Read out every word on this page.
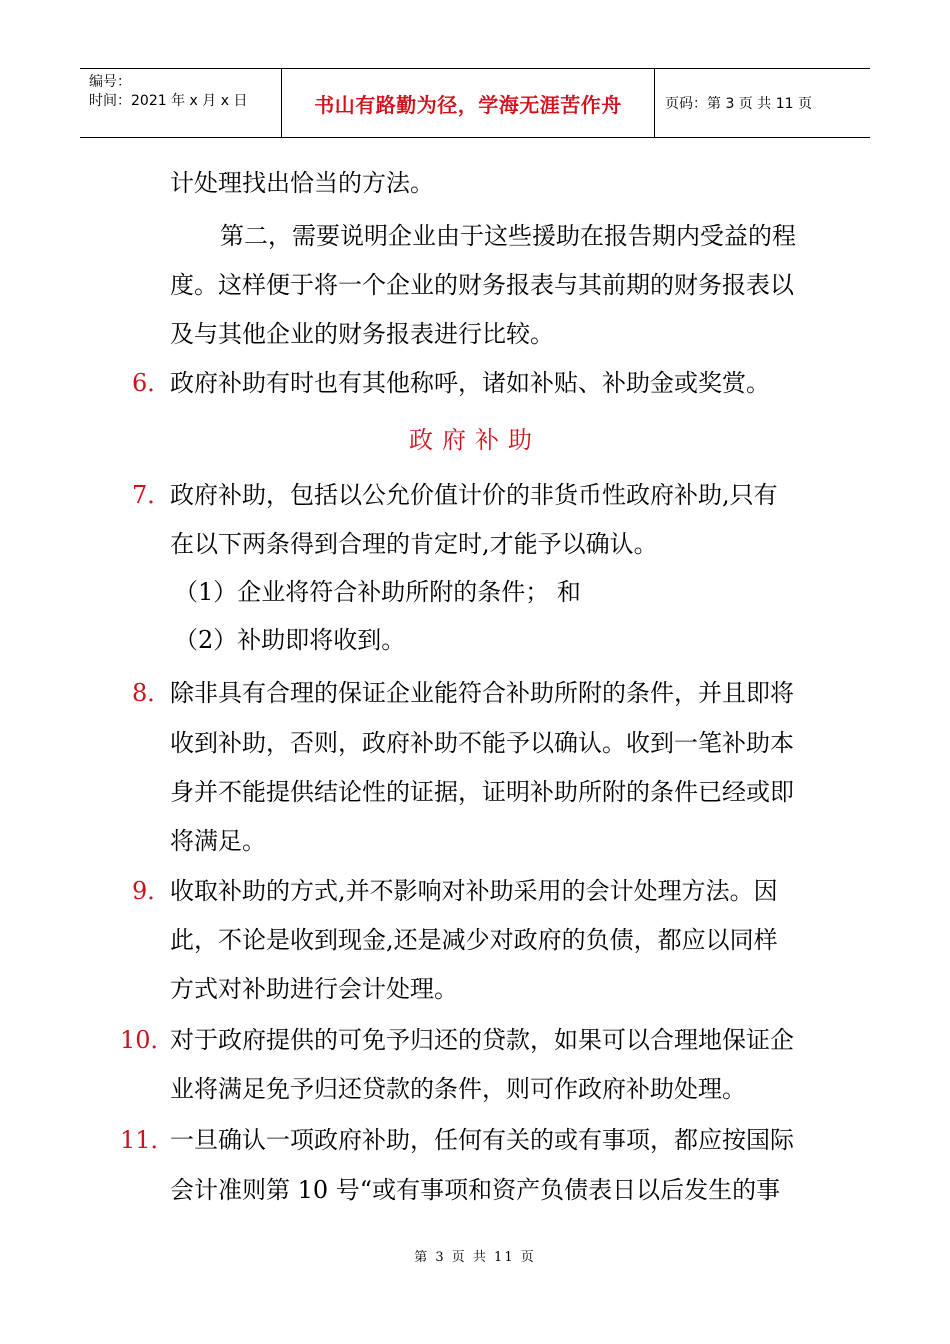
编号：
时间：2021 年 x 月 x 日	书山有路勤为径，学海无涯苦作舟	页码：第 3 页 共 11 页
计处理找出恰当的方法。
第二，需要说明企业由于这些援助在报告期内受益的程
度。这样便于将一个企业的财务报表与其前期的财务报表以
及与其他企业的财务报表进行比较。
6．
政府补助有时也有其他称呼，诸如补贴、补助金或奖赏。
政府补助
7．
政府补助，包括以公允价值计价的非货币性政府补助,只有
在以下两条得到合理的肯定时,才能予以确认。
（1）企业将符合补助所附的条件； 和
（2）补助即将收到。
8．
除非具有合理的保证企业能符合补助所附的条件，并且即将
收到补助，否则，政府补助不能予以确认。收到一笔补助本
身并不能提供结论性的证据，证明补助所附的条件已经或即
将满足。
9．
收取补助的方式,并不影响对补助采用的会计处理方法。因
此，不论是收到现金,还是减少对政府的负债，都应以同样
方式对补助进行会计处理。
10．
对于政府提供的可免予归还的贷款，如果可以合理地保证企
业将满足免予归还贷款的条件，则可作政府补助处理。
11．
一旦确认一项政府补助，任何有关的或有事项，都应按国际
会计准则第 10 号“或有事项和资产负债表日以后发生的事
第 3 页 共 11 页
